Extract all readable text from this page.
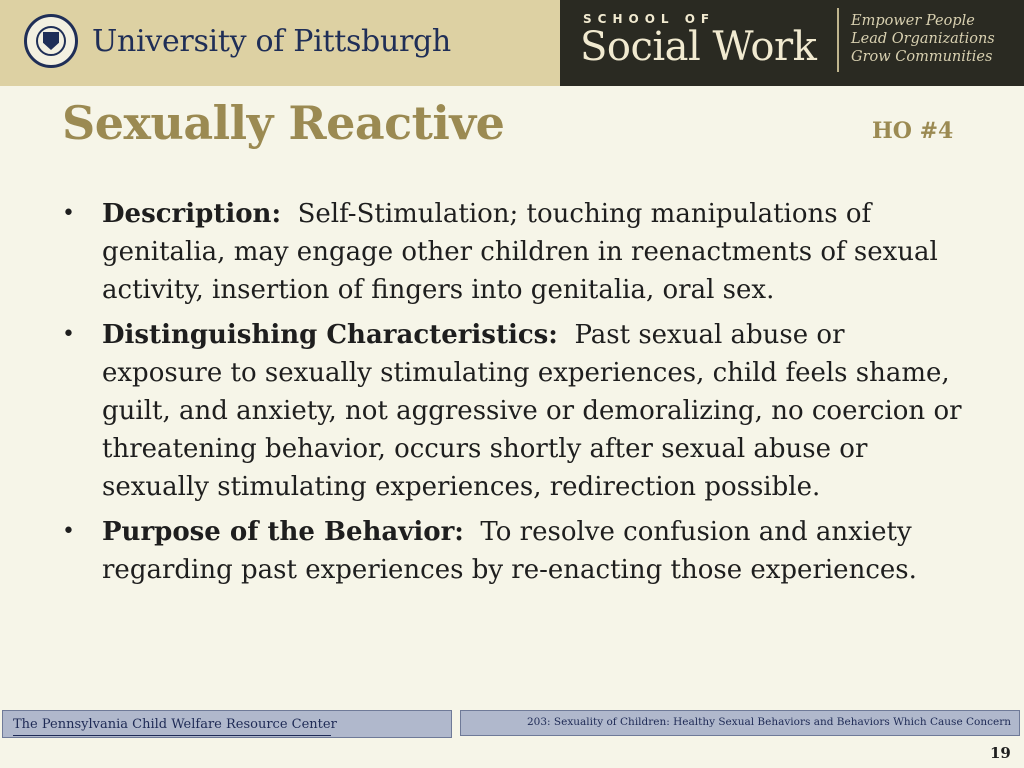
University of Pittsburgh
SCHOOL OF
Social Work
Empower People
Lead Organizations
Grow Communities
Sexually Reactive	HO #4
• Description: Self-Stimulation; touching manipulations of genitalia, may engage other children in reenactments of sexual activity, insertion of fingers into genitalia, oral sex.
• Distinguishing Characteristics: Past sexual abuse or exposure to sexually stimulating experiences, child feels shame, guilt, and anxiety, not aggressive or demoralizing, no coercion or threatening behavior, occurs shortly after sexual abuse or sexually stimulating experiences, redirection possible.
• Purpose of the Behavior: To resolve confusion and anxiety regarding past experiences by re-enacting those experiences.
The Pennsylvania Child Welfare Resource Center	203: Sexuality of Children: Healthy Sexual Behaviors and Behaviors Which Cause Concern
19
